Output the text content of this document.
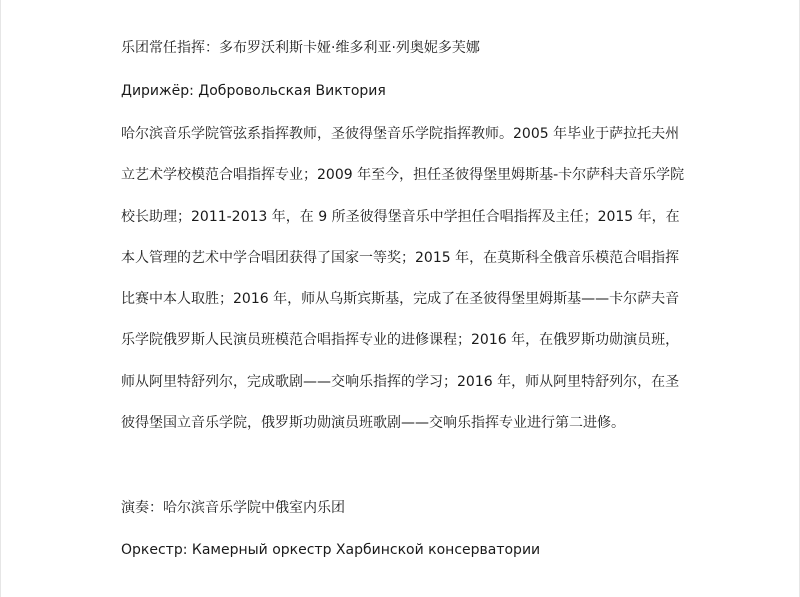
乐团常任指挥：多布罗沃利斯卡娅·维多利亚·列奥妮多芙娜
Дирижёр: Добровольская Виктория
哈尔滨音乐学院管弦系指挥教师，圣彼得堡音乐学院指挥教师。2005 年毕业于萨拉托夫州
立艺术学校模范合唱指挥专业；2009 年至今，担任圣彼得堡里姆斯基-卡尔萨科夫音乐学院
校长助理；2011-2013 年，在 9 所圣彼得堡音乐中学担任合唱指挥及主任；2015 年，在
本人管理的艺术中学合唱团获得了国家一等奖；2015 年，在莫斯科全俄音乐模范合唱指挥
比赛中本人取胜；2016 年，师从乌斯宾斯基，完成了在圣彼得堡里姆斯基——卡尔萨夫音
乐学院俄罗斯人民演员班模范合唱指挥专业的进修课程；2016 年，在俄罗斯功勋演员班，
师从阿里特舒列尔，完成歌剧——交响乐指挥的学习；2016 年，师从阿里特舒列尔，在圣
彼得堡国立音乐学院，俄罗斯功勋演员班歌剧——交响乐指挥专业进行第二进修。
演奏：哈尔滨音乐学院中俄室内乐团
Оркестр: Камерный оркестр Харбинской консерватории
